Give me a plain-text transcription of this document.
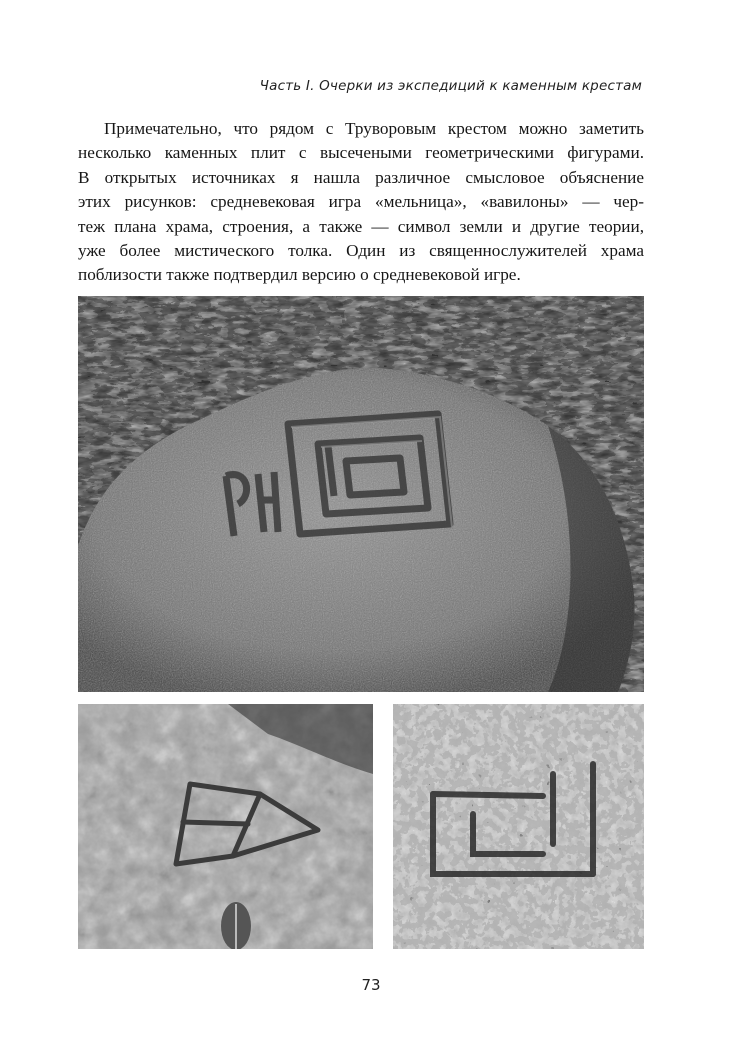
Часть I. Очерки из экспедиций к каменным крестам
Примечательно, что рядом с Труворовым крестом можно заметить
несколько каменных плит с высечеными геометрическими фигурами.
В открытых источниках я нашла различное смысловое объяснение
этих рисунков: средневековая игра «мельница», «вавилоны» — чер-
теж плана храма, строения, а также — символ земли и другие теории,
уже более мистического толка. Один из священнослужителей храма
поблизости также подтвердил версию о средневековой игре.
73
